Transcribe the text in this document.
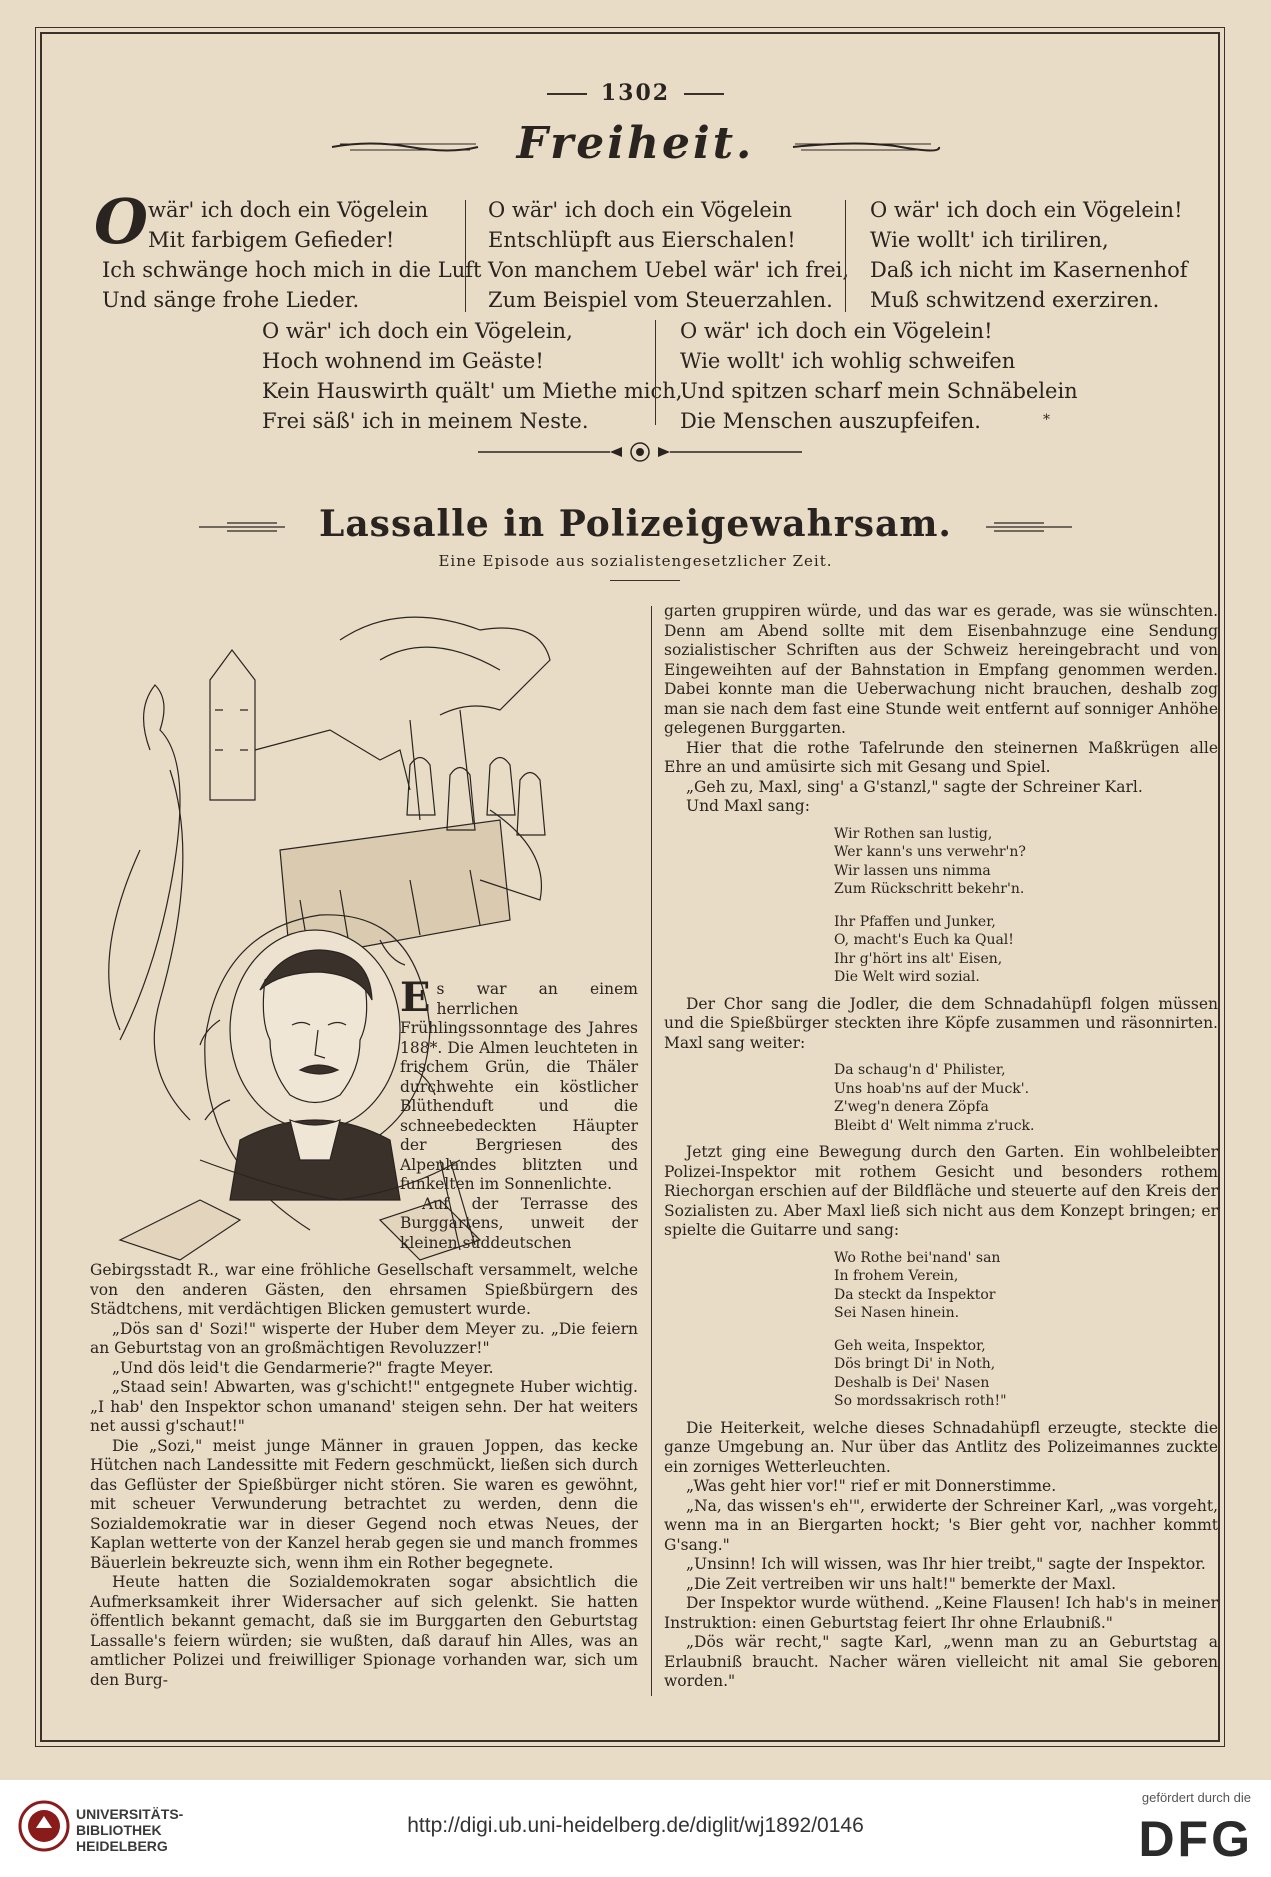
1302
Freiheit.
O wär' ich doch ein Vögelein
Mit farbigem Gefieder!
Ich schwänge hoch mich in die Luft
Und sänge frohe Lieder.
O wär' ich doch ein Vögelein
Entschlüpft aus Eierschalen!
Von manchem Uebel wär' ich frei,
Zum Beispiel vom Steuerzahlen.
O wär' ich doch ein Vögelein!
Wie wollt' ich tiriliren,
Daß ich nicht im Kasernenhof
Muß schwitzend exerziren.
O wär' ich doch ein Vögelein,
Hoch wohnend im Geäste!
Kein Hauswirth quält' um Miethe mich,
Frei säß' ich in meinem Neste.
O wär' ich doch ein Vögelein!
Wie wollt' ich wohlig schweifen
Und spitzen scharf mein Schnäbelein
Die Menschen auszupfeifen.	*
Lassalle in Polizeigewahrsam.
Eine Episode aus sozialistengesetzlicher Zeit.

Es war an einem herrlichen Frühlingssonntage des Jahres 188*. Die Almen leuchteten in frischem Grün, die Thäler durchwehte ein köstlicher Blüthenduft und die schneebedeckten Häupter der Bergriesen des Alpenlandes blitzten und funkelten im Sonnenlichte.

Auf der Terrasse des Burggartens, unweit der kleinen süddeutschen

Gebirgsstadt R., war eine fröhliche Gesellschaft versammelt, welche von den anderen Gästen, den ehrsamen Spießbürgern des Städtchens, mit verdächtigen Blicken gemustert wurde.

„Dös san d' Sozi!" wisperte der Huber dem Meyer zu. „Die feiern an Geburtstag von an großmächtigen Revoluzzer!"

„Und dös leid't die Gendarmerie?" fragte Meyer.

„Staad sein! Abwarten, was g'schicht!" entgegnete Huber wichtig. „I hab' den Inspektor schon umanand' steigen sehn. Der hat weiters net aussi g'schaut!"

Die „Sozi," meist junge Männer in grauen Joppen, das kecke Hütchen nach Landessitte mit Federn geschmückt, ließen sich durch das Geflüster der Spießbürger nicht stören. Sie waren es gewöhnt, mit scheuer Verwunderung betrachtet zu werden, denn die Sozialdemokratie war in dieser Gegend noch etwas Neues, der Kaplan wetterte von der Kanzel herab gegen sie und manch frommes Bäuerlein bekreuzte sich, wenn ihm ein Rother begegnete.

Heute hatten die Sozialdemokraten sogar absichtlich die Aufmerksamkeit ihrer Widersacher auf sich gelenkt. Sie hatten öffentlich bekannt gemacht, daß sie im Burggarten den Geburtstag Lassalle's feiern würden; sie wußten, daß darauf hin Alles, was an amtlicher Polizei und freiwilliger Spionage vorhanden war, sich um den Burg-

garten gruppiren würde, und das war es gerade, was sie wünschten. Denn am Abend sollte mit dem Eisenbahnzuge eine Sendung sozialistischer Schriften aus der Schweiz hereingebracht und von Eingeweihten auf der Bahnstation in Empfang genommen werden. Dabei konnte man die Ueberwachung nicht brauchen, deshalb zog man sie nach dem fast eine Stunde weit entfernt auf sonniger Anhöhe gelegenen Burggarten.

Hier that die rothe Tafelrunde den steinernen Maßkrügen alle Ehre an und amüsirte sich mit Gesang und Spiel.

„Geh zu, Maxl, sing' a G'stanzl," sagte der Schreiner Karl.

Und Maxl sang:

Wir Rothen san lustig,

Wer kann's uns verwehr'n?

Wir lassen uns nimma

Zum Rückschritt bekehr'n.

Ihr Pfaffen und Junker,

O, macht's Euch ka Qual!

Ihr g'hört ins alt' Eisen,

Die Welt wird sozial.

Der Chor sang die Jodler, die dem Schnadahüpfl folgen müssen und die Spießbürger steckten ihre Köpfe zusammen und räsonnirten. Maxl sang weiter:

Da schaug'n d' Philister,

Uns hoab'ns auf der Muck'.

Z'weg'n denera Zöpfa

Bleibt d' Welt nimma z'ruck.

Jetzt ging eine Bewegung durch den Garten. Ein wohlbeleibter Polizei-Inspektor mit rothem Gesicht und besonders rothem Riechorgan erschien auf der Bildfläche und steuerte auf den Kreis der Sozialisten zu. Aber Maxl ließ sich nicht aus dem Konzept bringen; er spielte die Guitarre und sang:

Wo Rothe bei'nand' san

In frohem Verein,

Da steckt da Inspektor

Sei Nasen hinein.

Geh weita, Inspektor,

Dös bringt Di' in Noth,

Deshalb is Dei' Nasen

So mordssakrisch roth!"

Die Heiterkeit, welche dieses Schnadahüpfl erzeugte, steckte die ganze Umgebung an. Nur über das Antlitz des Polizeimannes zuckte ein zorniges Wetterleuchten.

„Was geht hier vor!" rief er mit Donnerstimme.

„Na, das wissen's eh'", erwiderte der Schreiner Karl, „was vorgeht, wenn ma in an Biergarten hockt; 's Bier geht vor, nachher kommt G'sang."

„Unsinn! Ich will wissen, was Ihr hier treibt," sagte der Inspektor.

„Die Zeit vertreiben wir uns halt!" bemerkte der Maxl.

Der Inspektor wurde wüthend. „Keine Flausen! Ich hab's in meiner Instruktion: einen Geburtstag feiert Ihr ohne Erlaubniß."

„Dös wär recht," sagte Karl, „wenn man zu an Geburtstag a Erlaubniß braucht. Nacher wären vielleicht nit amal Sie geboren worden."

UNIVERSITÄTS-
BIBLIOTHEK
HEIDELBERG
http://digi.ub.uni-heidelberg.de/diglit/wj1892/0146
gefördert durch die
DFG
